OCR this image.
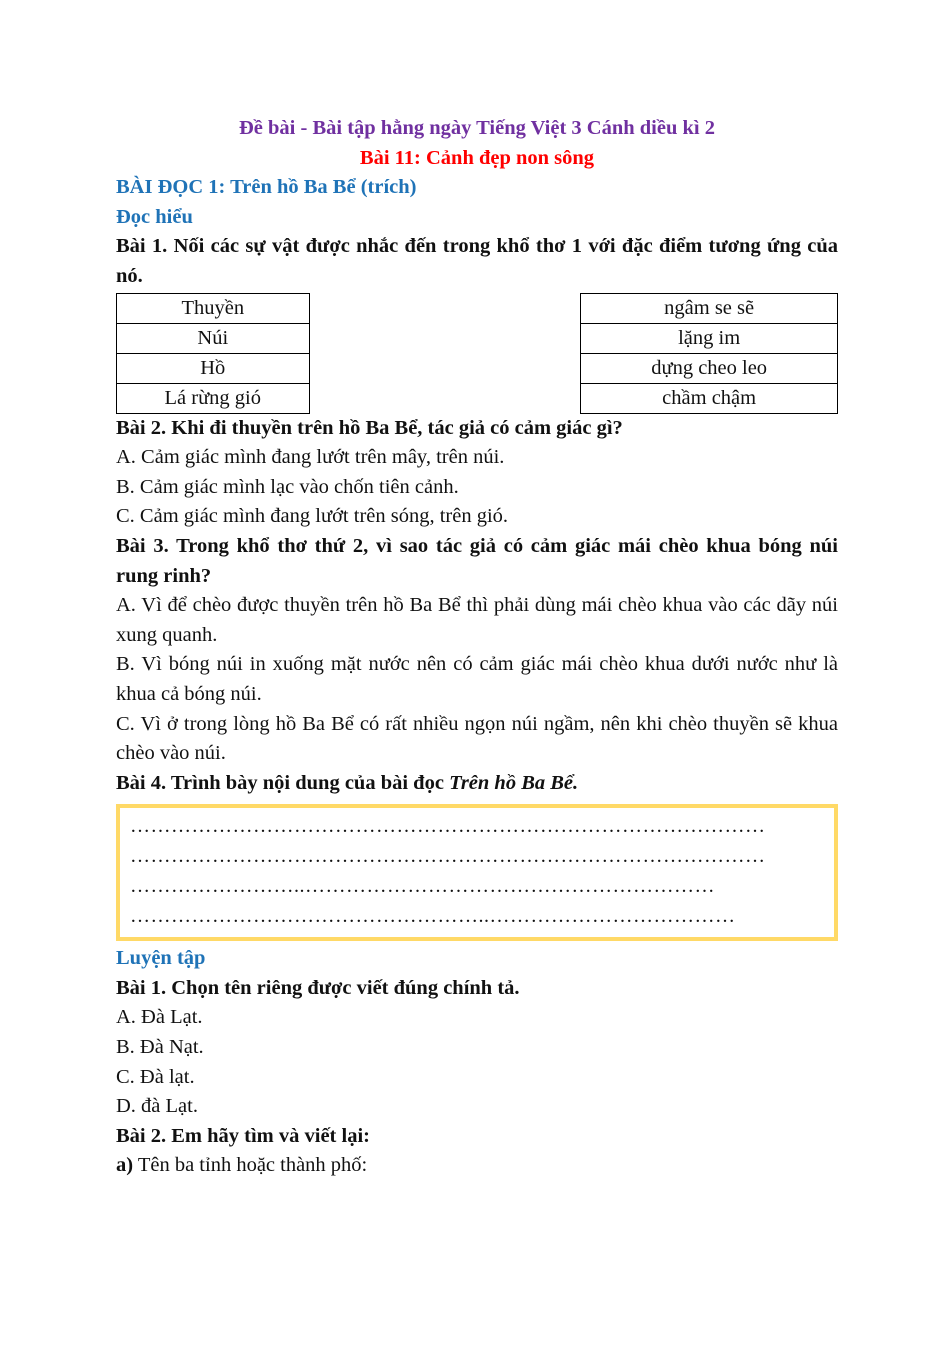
Đề bài - Bài tập hằng ngày Tiếng Việt 3 Cánh diều kì 2

Bài 11: Cảnh đẹp non sông

BÀI ĐỌC 1: Trên hồ Ba Bể (trích)

Đọc hiểu

Bài 1. Nối các sự vật được nhắc đến trong khổ thơ 1 với đặc điểm tương ứng của nó.

Thuyền		ngâm se sẽ
Núi		lặng im
Hồ		dựng cheo leo
Lá rừng gió		chầm chậm

Bài 2. Khi đi thuyền trên hồ Ba Bể, tác giả có cảm giác gì?

A. Cảm giác mình đang lướt trên mây, trên núi.

B. Cảm giác mình lạc vào chốn tiên cảnh.

C. Cảm giác mình đang lướt trên sóng, trên gió.

Bài 3. Trong khổ thơ thứ 2, vì sao tác giả có cảm giác mái chèo khua bóng núi rung rinh?

A. Vì để chèo được thuyền trên hồ Ba Bể thì phải dùng mái chèo khua vào các dãy núi xung quanh.

B. Vì bóng núi in xuống mặt nước nên có cảm giác mái chèo khua dưới nước như là khua cả bóng núi.

C. Vì ở trong lòng hồ Ba Bể có rất nhiều ngọn núi ngầm, nên khi chèo thuyền sẽ khua chèo vào núi.

Bài 4. Trình bày nội dung của bài đọc Trên hồ Ba Bể.

…………………………………………………………………………………
…………………………………………………………………………………
……………………..……………………………………………………
……………………………………………..………………………………

Luyện tập

Bài 1. Chọn tên riêng được viết đúng chính tả.

A. Đà Lạt.

B. Đà Nạt.

C. Đà lạt.

D. đà Lạt.

Bài 2. Em hãy tìm và viết lại:

a) Tên ba tỉnh hoặc thành phố:
